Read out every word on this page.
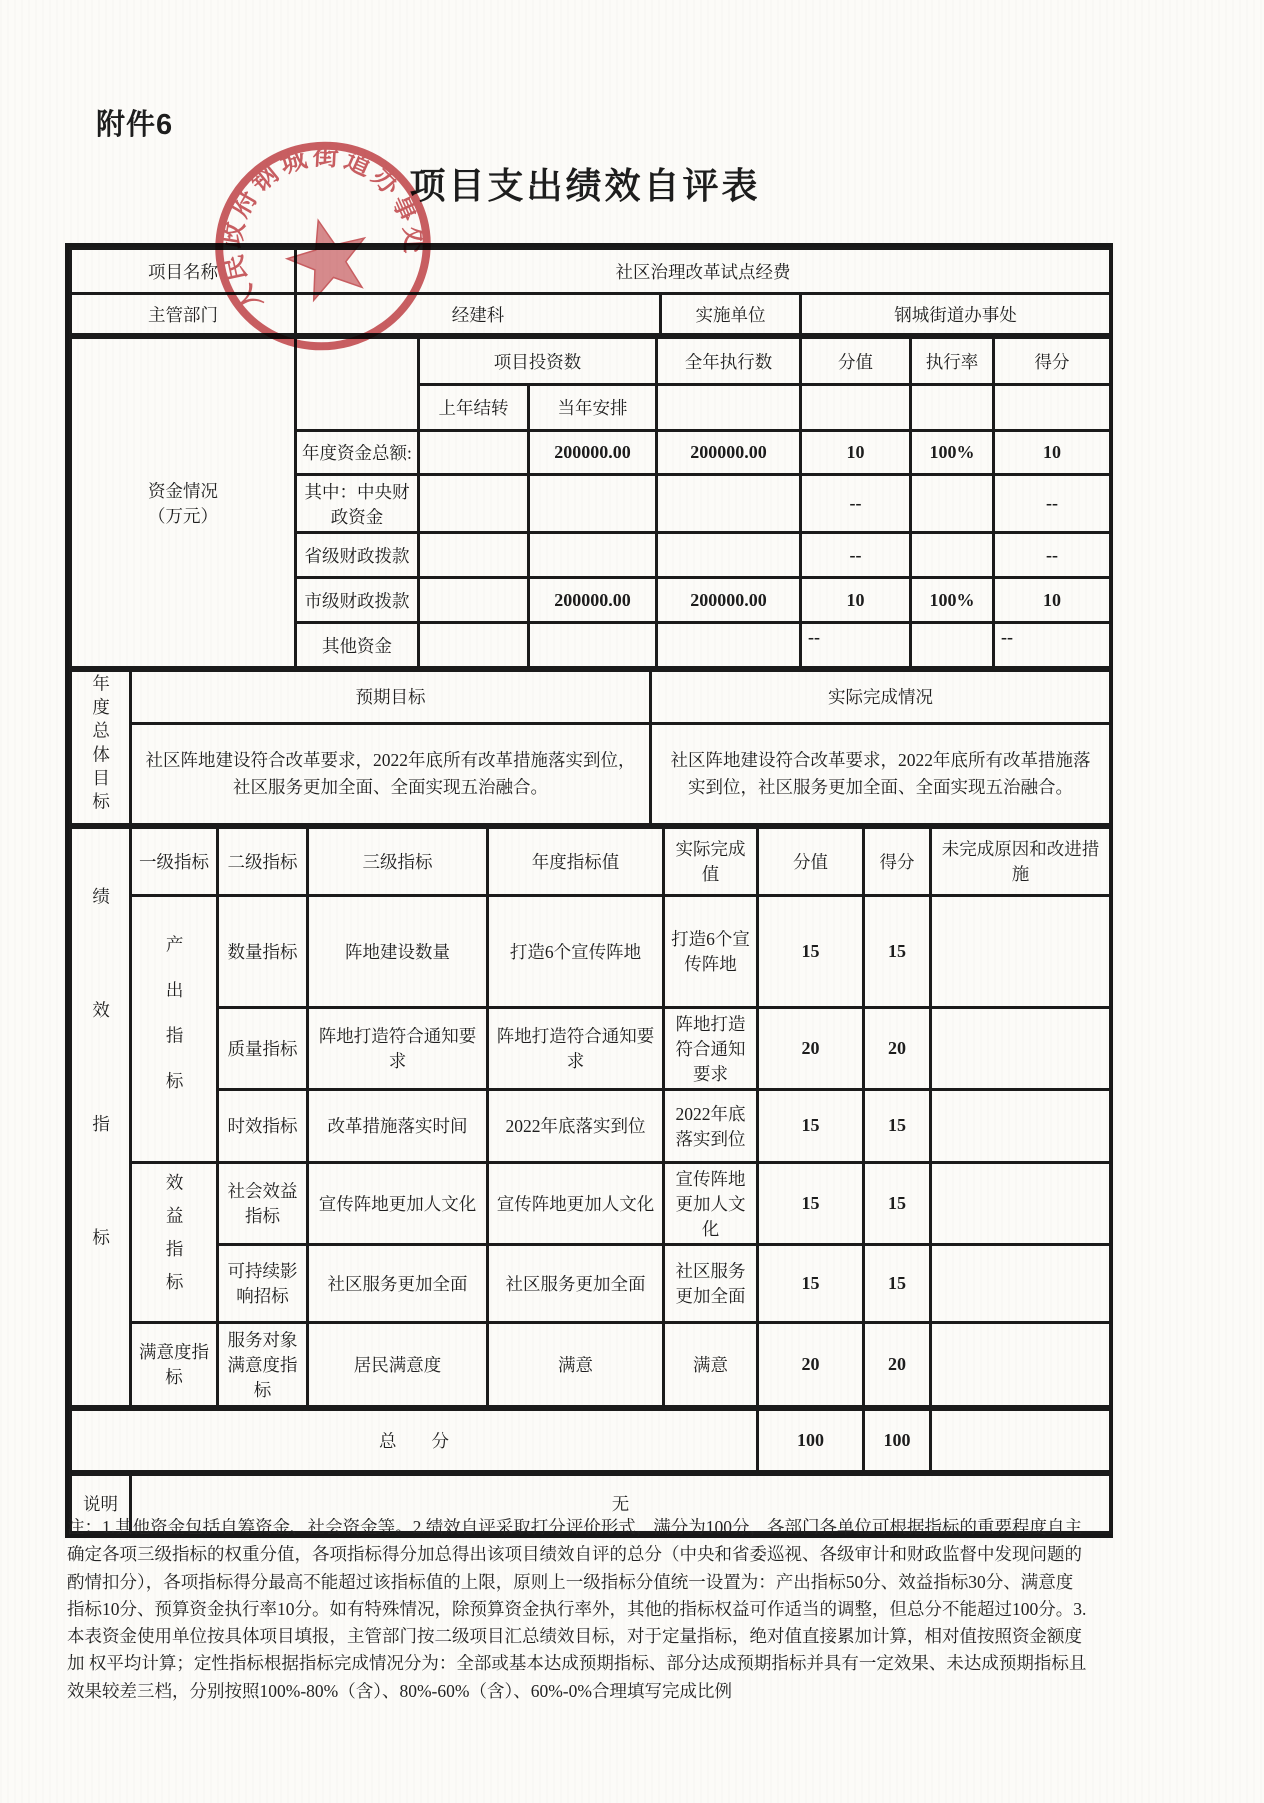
附件6
项目支出绩效自评表
人民政府钢城街道办事处
项目名称	社区治理改革试点经费		
主管部门	经建科	实施单位	钢城街道办事处
资金情况
（万元）		项目投资数		全年执行数	分值	执行率	得分
		上年结转	当年安排				
	年度资金总额:		200000.00	200000.00	10	100%	10
	其中：中央财政资金				--		--
	省级财政拨款				--		--
	市级财政拨款		200000.00	200000.00	10	100%	10
	其他资金				--		--
年度总体目标	预期目标	实际完成情况
	社区阵地建设符合改革要求，2022年底所有改革措施落实到位，社区服务更加全面、全面实现五治融合。	社区阵地建设符合改革要求，2022年底所有改革措施落实到位，社区服务更加全面、全面实现五治融合。
绩效指标	一级指标	二级指标	三级指标	年度指标值	实际完成值	分值	得分	未完成原因和改进措施
	产出指标	数量指标	阵地建设数量	打造6个宣传阵地	打造6个宣传阵地	15	15	
		质量指标	阵地打造符合通知要求	阵地打造符合通知要求	阵地打造符合通知要求	20	20	
		时效指标	改革措施落实时间	2022年底落实到位	2022年底落实到位	15	15	
	效益指标	社会效益指标	宣传阵地更加人文化	宣传阵地更加人文化	宣传阵地更加人文化	15	15	
		可持续影响招标	社区服务更加全面	社区服务更加全面	社区服务更加全面	15	15	
	满意度指标	服务对象满意度指标	居民满意度	满意	满意	20	20	
总　　分	100	100	
说明	无
注：1.其他资金包括自筹资金、社会资金等。2.绩效自评采取打分评价形式，满分为100分，各部门各单位可根据指标的重要程度自主
确定各项三级指标的权重分值，各项指标得分加总得出该项目绩效自评的总分（中央和省委巡视、各级审计和财政监督中发现问题的
酌情扣分），各项指标得分最高不能超过该指标值的上限，原则上一级指标分值统一设置为：产出指标50分、效益指标30分、满意度
指标10分、预算资金执行率10分。如有特殊情况，除预算资金执行率外，其他的指标权益可作适当的调整，但总分不能超过100分。3.
本表资金使用单位按具体项目填报，主管部门按二级项目汇总绩效目标，对于定量指标，绝对值直接累加计算，相对值按照资金额度
加 权平均计算；定性指标根据指标完成情况分为：全部或基本达成预期指标、部分达成预期指标并具有一定效果、未达成预期指标且
效果较差三档，分别按照100%-80%（含）、80%-60%（含）、60%-0%合理填写完成比例
